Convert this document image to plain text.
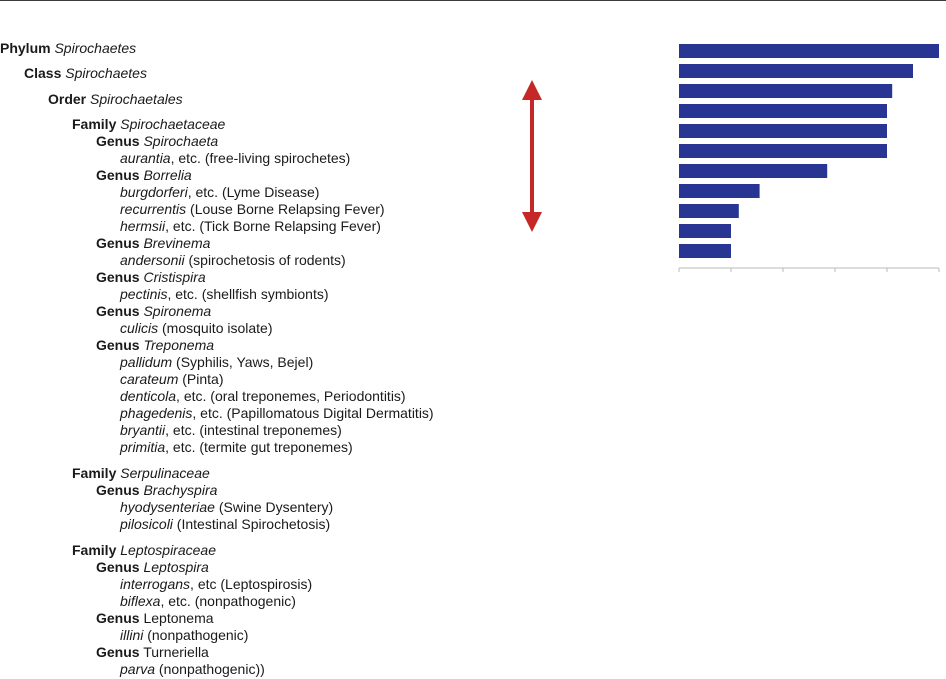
Phylum Spirochaetes
Class Spirochaetes
Order Spirochaetales
Family Spirochaetaceae
Genus Spirochaeta
aurantia, etc. (free-living spirochetes)
Genus Borrelia
burgdorferi, etc. (Lyme Disease)
recurrentis (Louse Borne Relapsing Fever)
hermsii, etc. (Tick Borne Relapsing Fever)
Genus Brevinema
andersonii (spirochetosis of rodents)
Genus Cristispira
pectinis, etc. (shellfish symbionts)
Genus Spironema
culicis (mosquito isolate)
Genus Treponema
pallidum (Syphilis, Yaws, Bejel)
carateum (Pinta)
denticola, etc. (oral treponemes, Periodontitis)
phagedenis, etc. (Papillomatous Digital Dermatitis)
bryantii, etc. (intestinal treponemes)
primitia, etc. (termite gut treponemes)
Family Serpulinaceae
Genus Brachyspira
hyodysenteriae (Swine Dysentery)
pilosicoli (Intestinal Spirochetosis)
Family Leptospiraceae
Genus Leptospira
interrogans, etc (Leptospirosis)
biflexa, etc. (nonpathogenic)
Genus Leptonema
illini (nonpathogenic)
Genus Turneriella
parva (nonpathogenic))
